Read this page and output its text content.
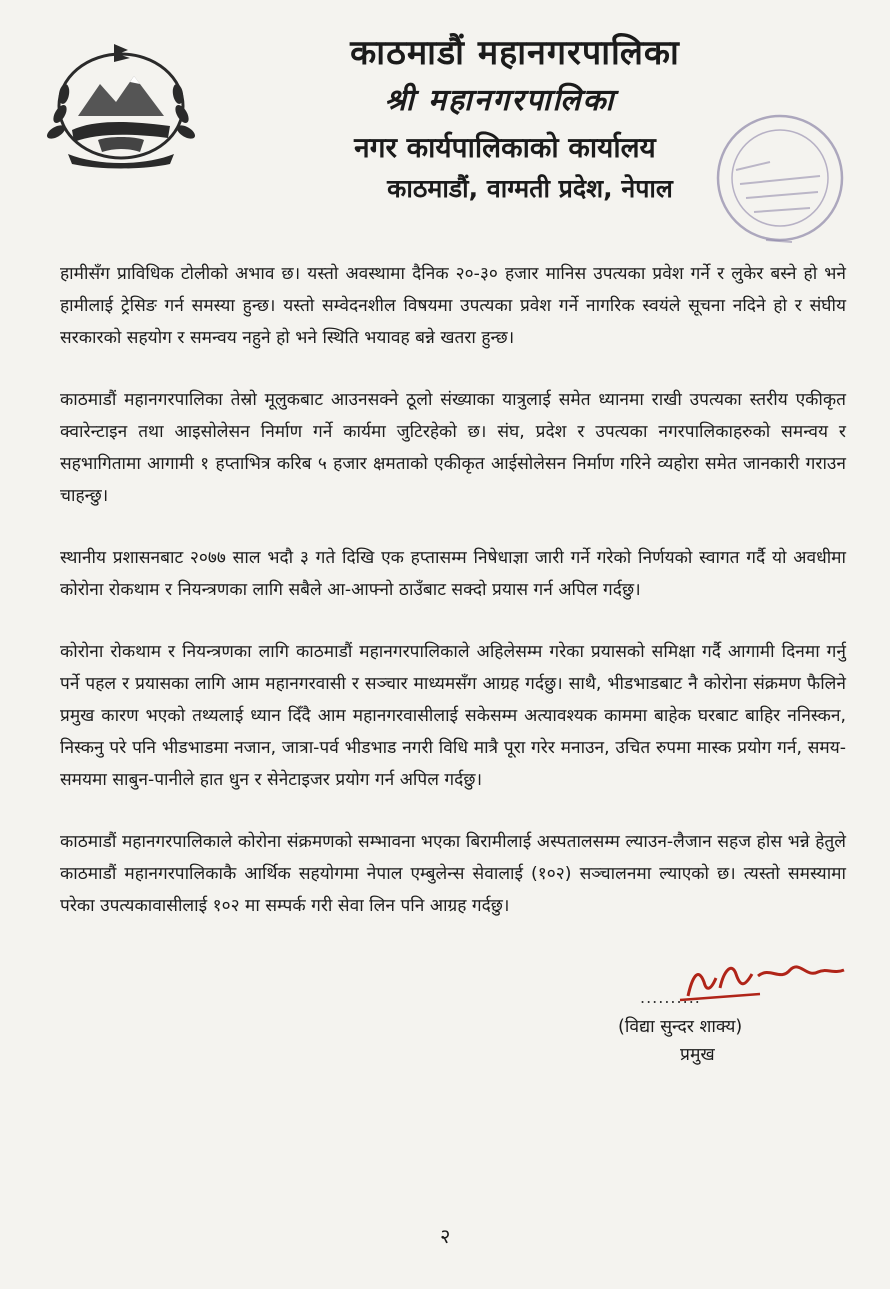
काठमाडौं महानगरपालिका
श्री महानगरपालिका
नगर कार्यपालिकाको कार्यालय
काठमाडौं, वाग्मती प्रदेश, नेपाल

हामीसँग प्राविधिक टोलीको अभाव छ। यस्तो अवस्थामा दैनिक २०-३० हजार मानिस उपत्यका प्रवेश गर्ने र लुकेर बस्ने हो भने हामीलाई ट्रेसिङ गर्न समस्या हुन्छ। यस्तो सम्वेदनशील विषयमा उपत्यका प्रवेश गर्ने नागरिक स्वयंले सूचना नदिने हो र संघीय सरकारको सहयोग र समन्वय नहुने हो भने स्थिति भयावह बन्ने खतरा हुन्छ।

काठमाडौं महानगरपालिका तेस्रो मूलुकबाट आउनसक्ने ठूलो संख्याका यात्रुलाई समेत ध्यानमा राखी उपत्यका स्तरीय एकीकृत क्वारेन्टाइन तथा आइसोलेसन निर्माण गर्ने कार्यमा जुटिरहेको छ। संघ, प्रदेश र उपत्यका नगरपालिकाहरुको समन्वय र सहभागितामा आगामी १ हप्ताभित्र करिब ५ हजार क्षमताको एकीकृत आईसोलेसन निर्माण गरिने व्यहोरा समेत जानकारी गराउन चाहन्छु।

स्थानीय प्रशासनबाट २०७७ साल भदौ ३ गते दिखि एक हप्तासम्म निषेधाज्ञा जारी गर्ने गरेको निर्णयको स्वागत गर्दै यो अवधीमा कोरोना रोकथाम र नियन्त्रणका लागि सबैले आ-आफ्नो ठाउँबाट सक्दो प्रयास गर्न अपिल गर्दछु।

कोरोना रोकथाम र नियन्त्रणका लागि काठमाडौं महानगरपालिकाले अहिलेसम्म गरेका प्रयासको समिक्षा गर्दै आगामी दिनमा गर्नु पर्ने पहल र प्रयासका लागि आम महानगरवासी र सञ्चार माध्यमसँग आग्रह गर्दछु। साथै, भीडभाडबाट नै कोरोना संक्रमण फैलिने प्रमुख कारण भएको तथ्यलाई ध्यान दिँदै आम महानगरवासीलाई सकेसम्म अत्यावश्यक काममा बाहेक घरबाट बाहिर ननिस्कन, निस्कनु परे पनि भीडभाडमा नजान, जात्रा-पर्व भीडभाड नगरी विधि मात्रै पूरा गरेर मनाउन, उचित रुपमा मास्क प्रयोग गर्न, समय-समयमा साबुन-पानीले हात धुन र सेनेटाइजर प्रयोग गर्न अपिल गर्दछु।

काठमाडौं महानगरपालिकाले कोरोना संक्रमणको सम्भावना भएका बिरामीलाई अस्पतालसम्म ल्याउन-लैजान सहज होस भन्ने हेतुले काठमाडौं महानगरपालिकाकै आर्थिक सहयोगमा नेपाल एम्बुलेन्स सेवालाई (१०२) सञ्चालनमा ल्याएको छ। त्यस्तो समस्यामा परेका उपत्यकावासीलाई १०२ मा सम्पर्क गरी सेवा लिन पनि आग्रह गर्दछु।

..........
(विद्या सुन्दर शाक्य)
प्रमुख
२
